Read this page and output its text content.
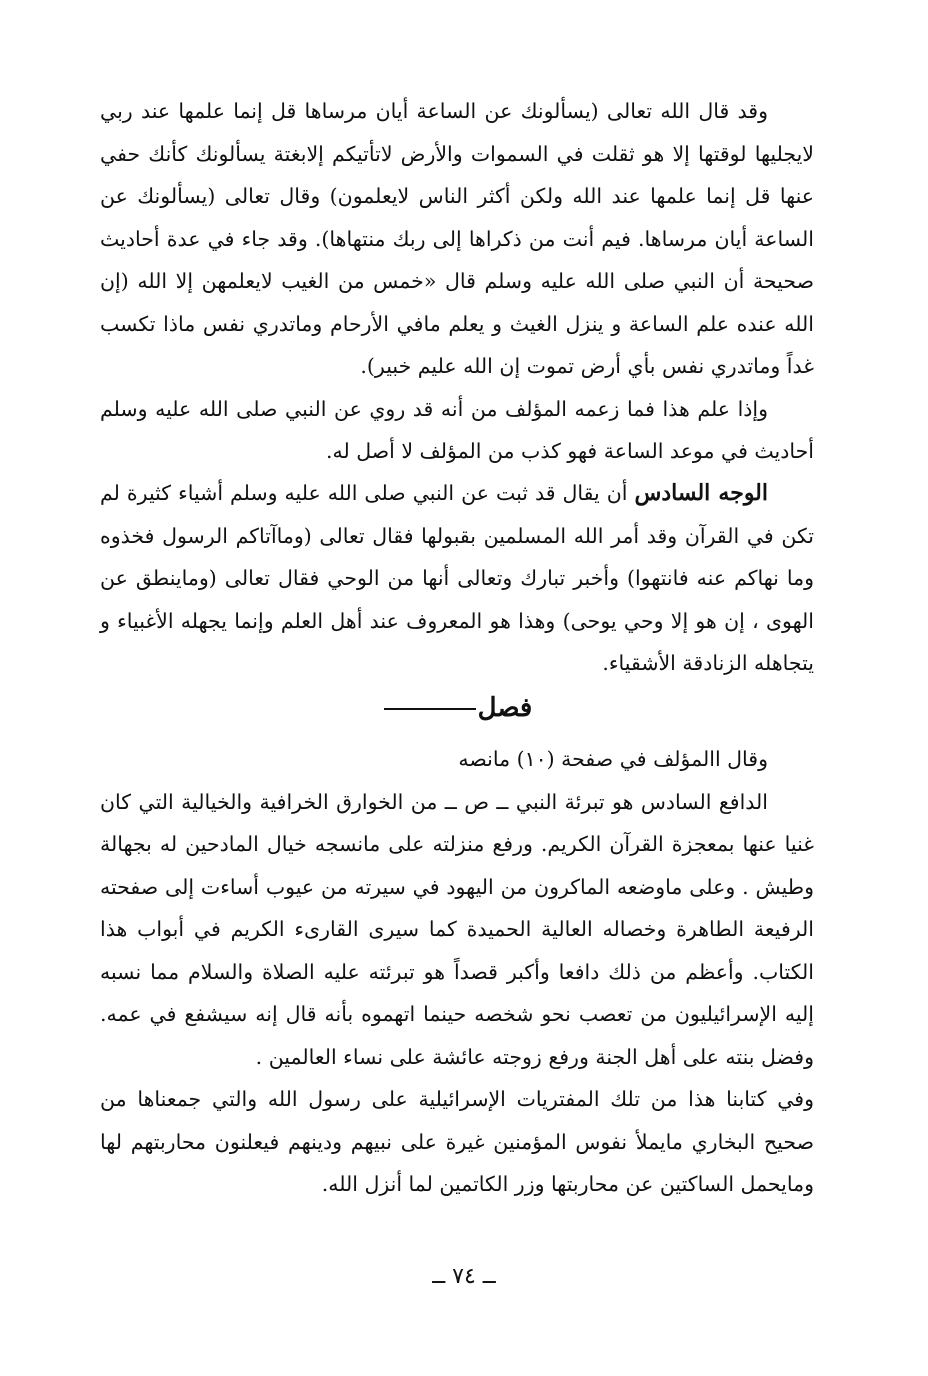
وقد قال الله تعالى (يسألونك عن الساعة أيان مرساها قل إنما علمها عند ربي لايجليها لوقتها إلا هو ثقلت في السموات والأرض لاتأتيكم إلابغتة يسألونك كأنك حفي عنها قل إنما علمها عند الله ولكن أكثر الناس لايعلمون) وقال تعالى (يسألونك عن الساعة أيان مرساها. فيم أنت من ذكراها إلى ربك منتهاها). وقد جاء في عدة أحاديث صحيحة أن النبي صلى الله عليه وسلم قال «خمس من الغيب لايعلمهن إلا الله (إن الله عنده علم الساعة و ينزل الغيث و يعلم مافي الأرحام وماتدري نفس ماذا تكسب غداً وماتدري نفس بأي أرض تموت إن الله عليم خبير).

وإذا علم هذا فما زعمه المؤلف من أنه قد روي عن النبي صلى الله عليه وسلم أحاديث في موعد الساعة فهو كذب من المؤلف لا أصل له.

الوجه السادس أن يقال قد ثبت عن النبي صلى الله عليه وسلم أشياء كثيرة لم تكن في القرآن وقد أمر الله المسلمين بقبولها فقال تعالى (وماآتاكم الرسول فخذوه وما نهاكم عنه فانتهوا) وأخبر تبارك وتعالى أنها من الوحي فقال تعالى (وماينطق عن الهوى ، إن هو إلا وحي يوحى) وهذا هو المعروف عند أهل العلم وإنما يجهله الأغبياء و يتجاهله الزنادقة الأشقياء.

فصل

وقال االمؤلف في صفحة (١٠) مانصه

الدافع السادس هو تبرئة النبي ــ ص ــ من الخوارق الخرافية والخيالية التي كان غنيا عنها بمعجزة القرآن الكريم. ورفع منزلته على مانسجه خيال المادحين له بجهالة وطيش . وعلى ماوضعه الماكرون من اليهود في سيرته من عيوب أساءت إلى صفحته الرفيعة الطاهرة وخصاله العالية الحميدة كما سيرى القارىء الكريم في أبواب هذا الكتاب. وأعظم من ذلك دافعا وأكبر قصداً هو تبرئته عليه الصلاة والسلام مما نسبه إليه الإسرائيليون من تعصب نحو شخصه حينما اتهموه بأنه قال إنه سيشفع في عمه. وفضل بنته على أهل الجنة ورفع زوجته عائشة على نساء العالمين .

وفي كتابنا هذا من تلك المفتريات الإسرائيلية على رسول الله والتي جمعناها من صحيح البخاري مايملأ نفوس المؤمنين غيرة على نبيهم ودينهم فيعلنون محاربتهم لها ومايحمل الساكتين عن محاربتها وزر الكاتمين لما أنزل الله.

ــ ٧٤ ــ
